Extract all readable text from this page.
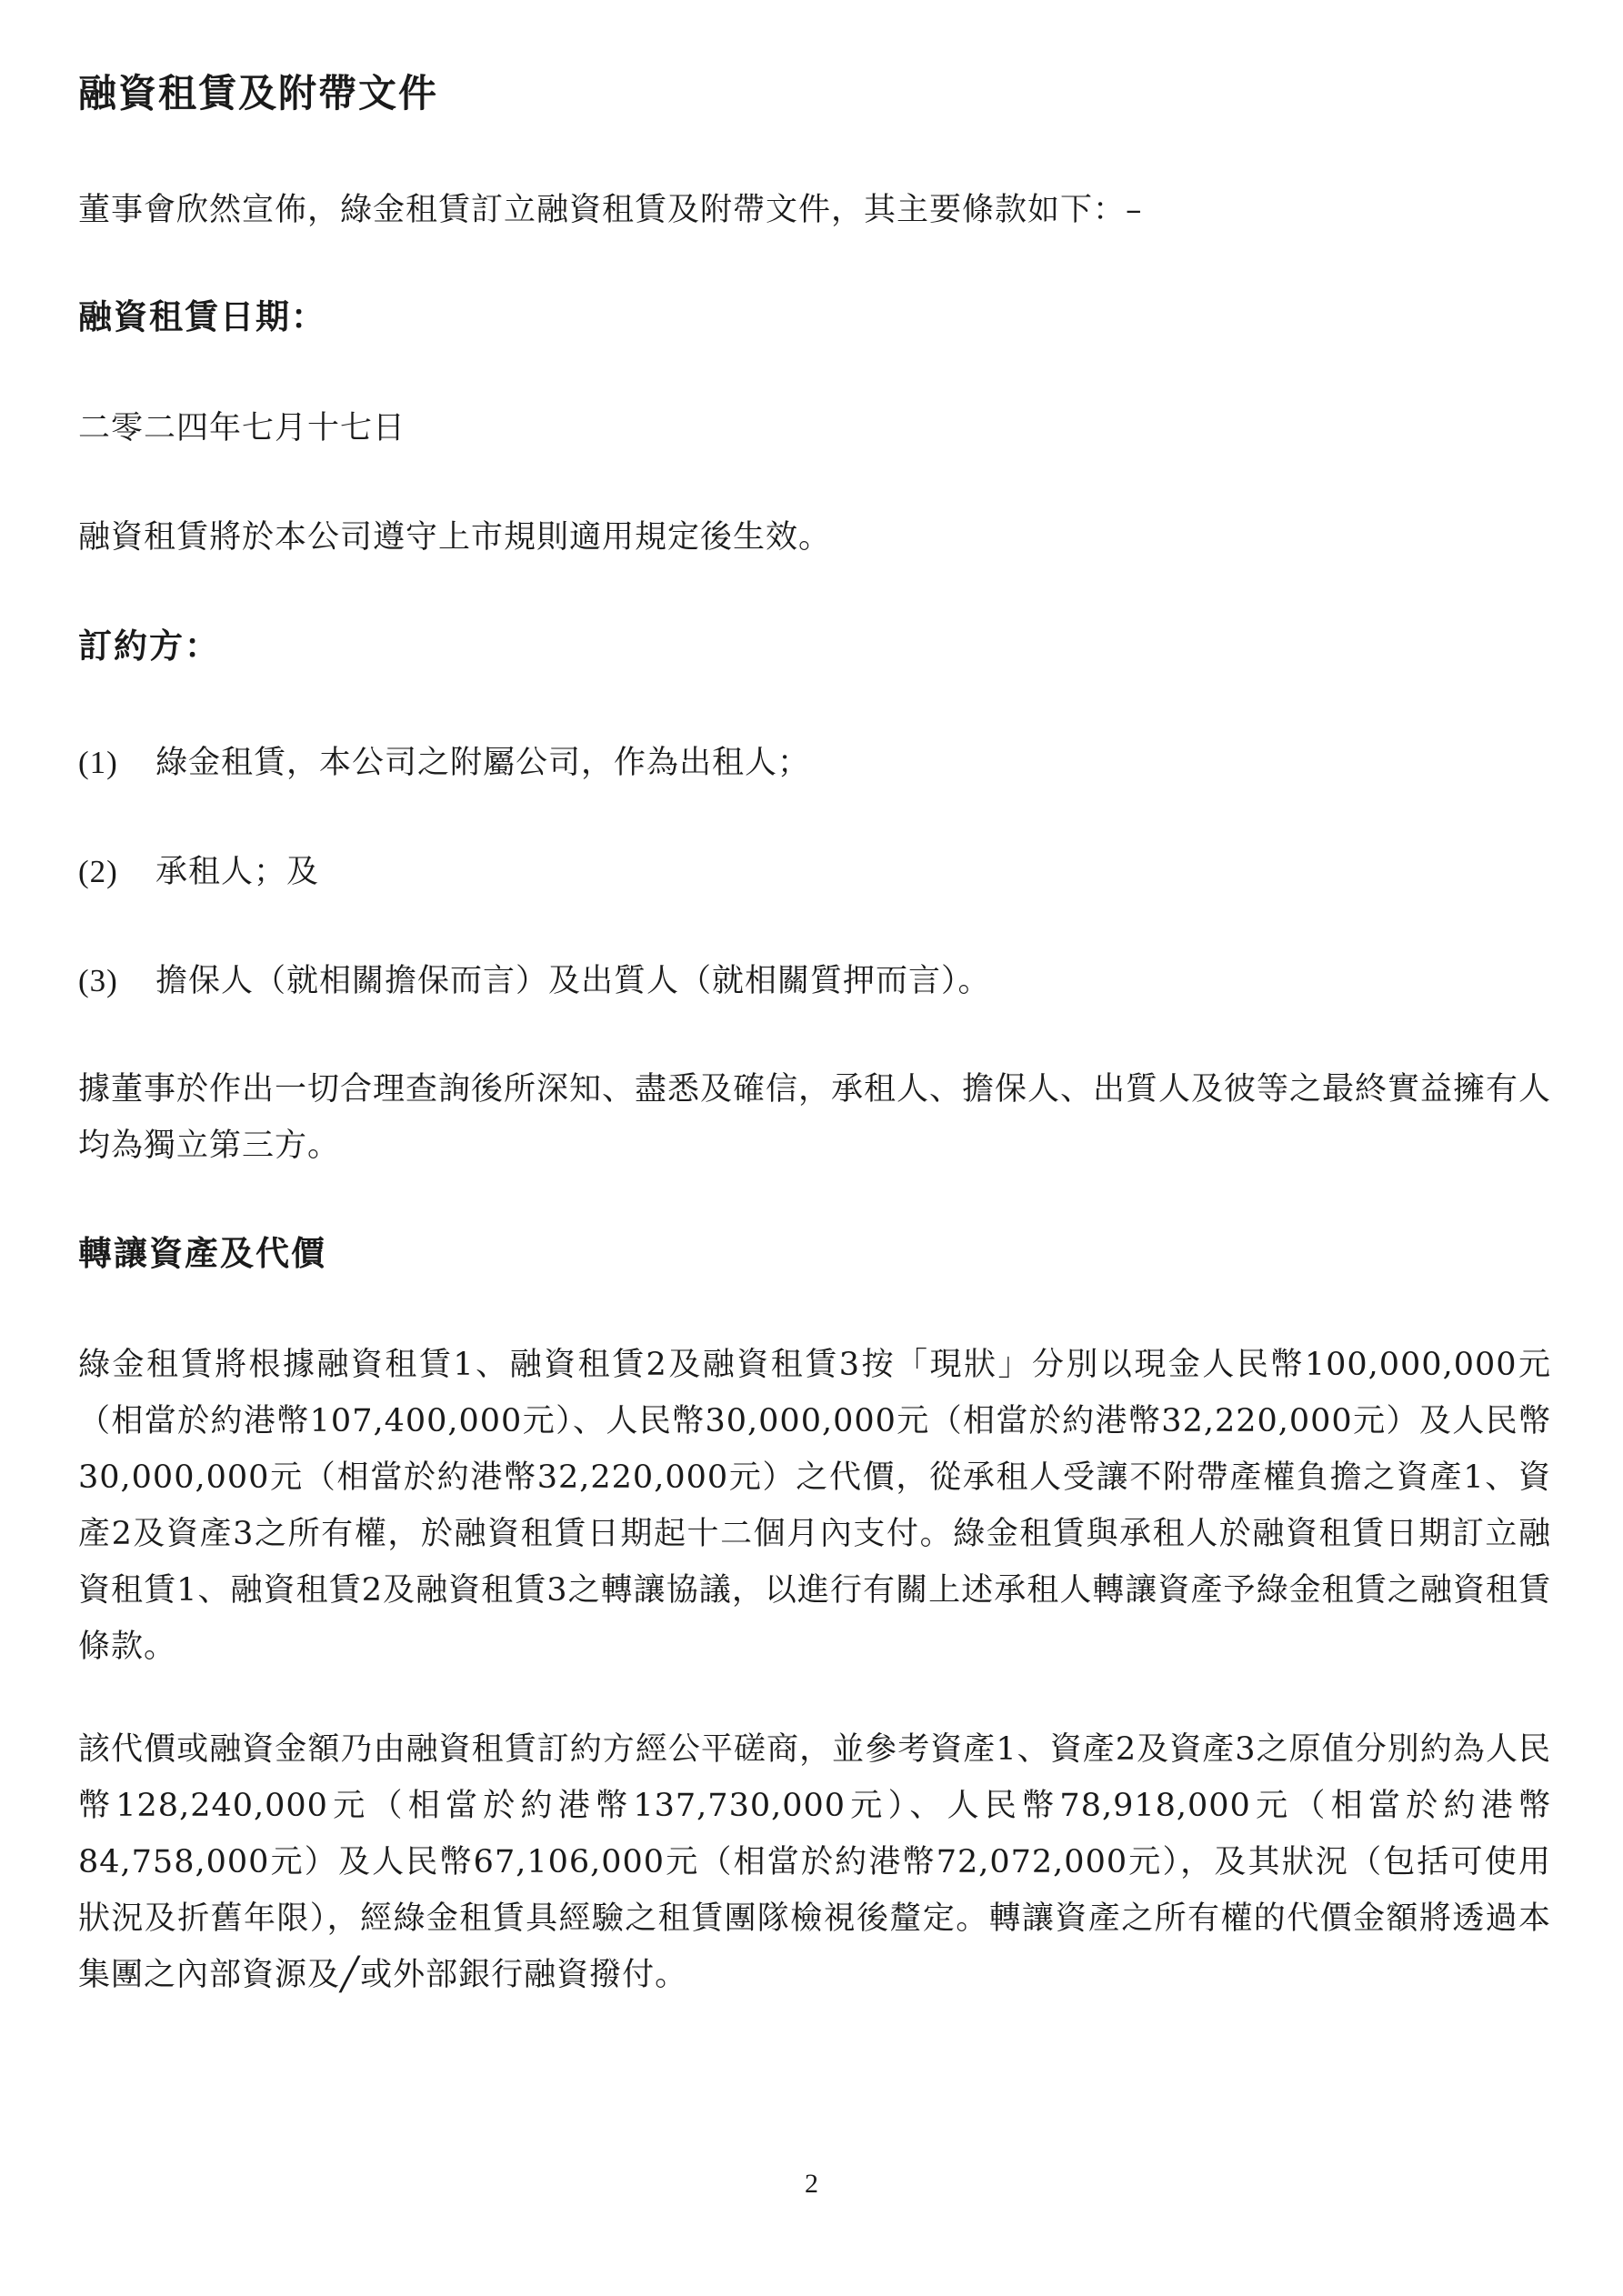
融資租賃及附帶文件

董事會欣然宣佈，綠金租賃訂立融資租賃及附帶文件，其主要條款如下：–

融資租賃日期：

二零二四年七月十七日

融資租賃將於本公司遵守上市規則適用規定後生效。

訂約方：
(1) 綠金租賃，本公司之附屬公司，作為出租人；
(2) 承租人；及
(3) 擔保人（就相關擔保而言）及出質人（就相關質押而言）。

據董事於作出一切合理查詢後所深知、盡悉及確信，承租人、擔保人、出質人及彼等之最終實益擁有人均為獨立第三方。

轉讓資產及代價

綠金租賃將根據融資租賃1、融資租賃2及融資租賃3按「現狀」分別以現金人民幣100,000,000元（相當於約港幣107,400,000元）、人民幣30,000,000元（相當於約港幣32,220,000元）及人民幣30,000,000元（相當於約港幣32,220,000元）之代價，從承租人受讓不附帶產權負擔之資產1、資產2及資產3之所有權，於融資租賃日期起十二個月內支付。綠金租賃與承租人於融資租賃日期訂立融資租賃1、融資租賃2及融資租賃3之轉讓協議，以進行有關上述承租人轉讓資產予綠金租賃之融資租賃條款。

該代價或融資金額乃由融資租賃訂約方經公平磋商，並參考資產1、資產2及資產3之原值分別約為人民幣128,240,000元（相當於約港幣137,730,000元）、人民幣78,918,000元（相當於約港幣84,758,000元）及人民幣67,106,000元（相當於約港幣72,072,000元），及其狀況（包括可使用狀況及折舊年限），經綠金租賃具經驗之租賃團隊檢視後釐定。轉讓資產之所有權的代價金額將透過本集團之內部資源及╱或外部銀行融資撥付。

2
